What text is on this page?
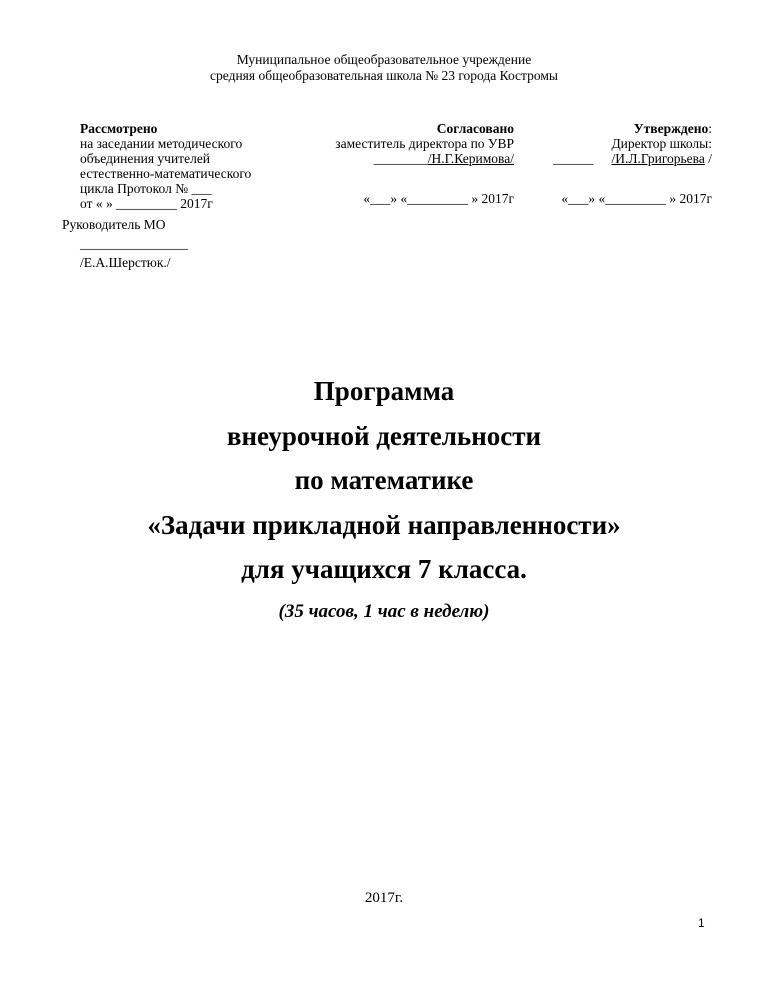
Муниципальное общеобразовательное учреждение
средняя общеобразовательная школа № 23 города Костромы
Рассмотрено
на заседании методического
объединения учителей
естественно-математического
цикла Протокол № ___
от « » _________ 2017г
Руководитель МО
________________
/Е.А.Шерстюк./
Согласовано
заместитель директора по УВР
________/Н.Г.Керимова/
«___» «_________ » 2017г
Утверждено:
Директор школы:
______ /И.Л.Григорьева /
«___» «_________ » 2017г
Программа
внеурочной деятельности
по математике
«Задачи прикладной направленности»
для учащихся 7 класса.
(35 часов, 1 час в неделю)
2017г.
1
